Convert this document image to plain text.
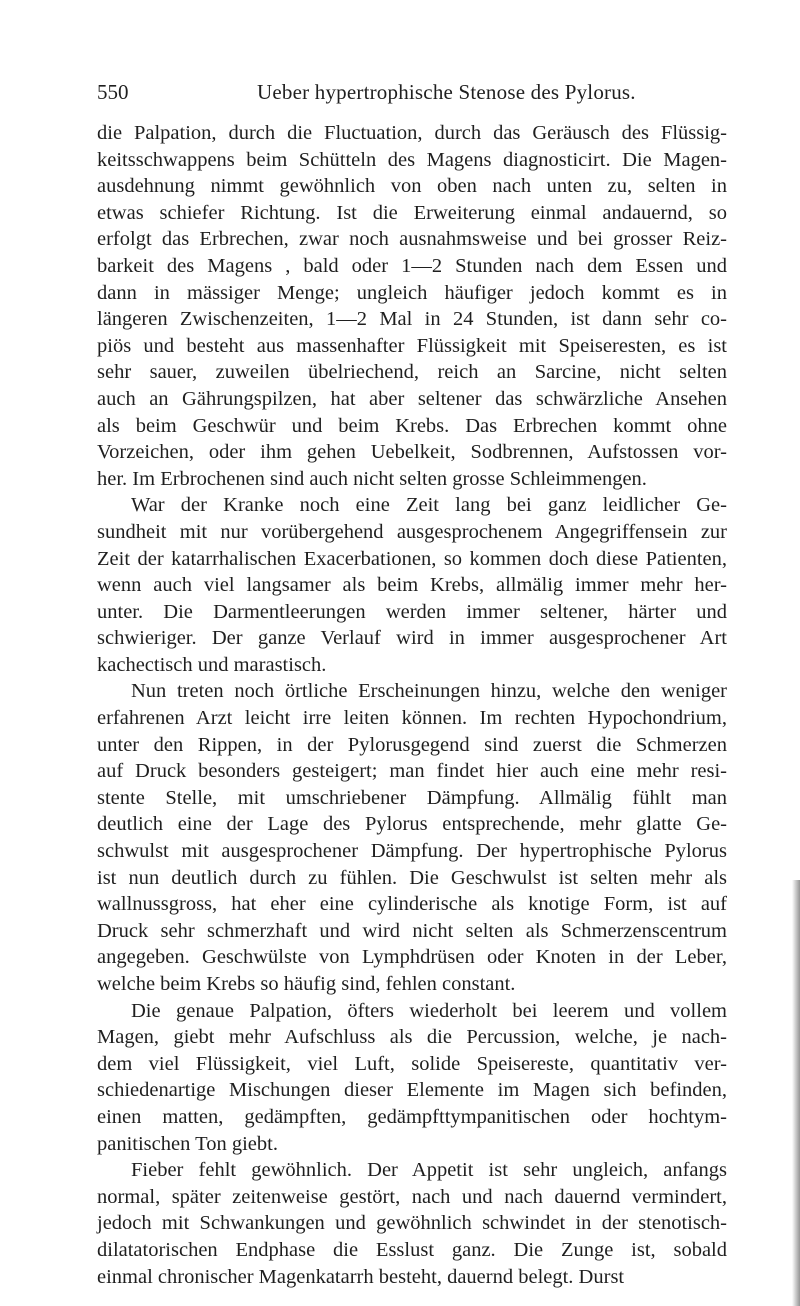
550	Ueber hypertrophische Stenose des Pylorus.
die Palpation, durch die Fluctuation, durch das Geräusch des Flüssig-
keitsschwappens beim Schütteln des Magens diagnosticirt. Die Magen-
ausdehnung nimmt gewöhnlich von oben nach unten zu, selten in
etwas schiefer Richtung. Ist die Erweiterung einmal andauernd, so
erfolgt das Erbrechen, zwar noch ausnahmsweise und bei grosser Reiz-
barkeit des Magens , bald oder 1—2 Stunden nach dem Essen und
dann in mässiger Menge; ungleich häufiger jedoch kommt es in
längeren Zwischenzeiten, 1—2 Mal in 24 Stunden, ist dann sehr co-
piös und besteht aus massenhafter Flüssigkeit mit Speiseresten, es ist
sehr sauer, zuweilen übelriechend, reich an Sarcine, nicht selten
auch an Gährungspilzen, hat aber seltener das schwärzliche Ansehen
als beim Geschwür und beim Krebs. Das Erbrechen kommt ohne
Vorzeichen, oder ihm gehen Uebelkeit, Sodbrennen, Aufstossen vor-
her. Im Erbrochenen sind auch nicht selten grosse Schleimmengen.
War der Kranke noch eine Zeit lang bei ganz leidlicher Ge-
sundheit mit nur vorübergehend ausgesprochenem Angegriffensein zur
Zeit der katarrhalischen Exacerbationen, so kommen doch diese Patienten,
wenn auch viel langsamer als beim Krebs, allmälig immer mehr her-
unter. Die Darmentleerungen werden immer seltener, härter und
schwieriger. Der ganze Verlauf wird in immer ausgesprochener Art
kachectisch und marastisch.
Nun treten noch örtliche Erscheinungen hinzu, welche den weniger
erfahrenen Arzt leicht irre leiten können. Im rechten Hypochondrium,
unter den Rippen, in der Pylorusgegend sind zuerst die Schmerzen
auf Druck besonders gesteigert; man findet hier auch eine mehr resi-
stente Stelle, mit umschriebener Dämpfung. Allmälig fühlt man
deutlich eine der Lage des Pylorus entsprechende, mehr glatte Ge-
schwulst mit ausgesprochener Dämpfung. Der hypertrophische Pylorus
ist nun deutlich durch zu fühlen. Die Geschwulst ist selten mehr als
wallnussgross, hat eher eine cylinderische als knotige Form, ist auf
Druck sehr schmerzhaft und wird nicht selten als Schmerzenscentrum
angegeben. Geschwülste von Lymphdrüsen oder Knoten in der Leber,
welche beim Krebs so häufig sind, fehlen constant.
Die genaue Palpation, öfters wiederholt bei leerem und vollem
Magen, giebt mehr Aufschluss als die Percussion, welche, je nach-
dem viel Flüssigkeit, viel Luft, solide Speisereste, quantitativ ver-
schiedenartige Mischungen dieser Elemente im Magen sich befinden,
einen matten, gedämpften, gedämpfttympanitischen oder hochtym-
panitischen Ton giebt.
Fieber fehlt gewöhnlich. Der Appetit ist sehr ungleich, anfangs
normal, später zeitenweise gestört, nach und nach dauernd vermindert,
jedoch mit Schwankungen und gewöhnlich schwindet in der stenotisch-
dilatatorischen Endphase die Esslust ganz. Die Zunge ist, sobald
einmal chronischer Magenkatarrh besteht, dauernd belegt. Durst
